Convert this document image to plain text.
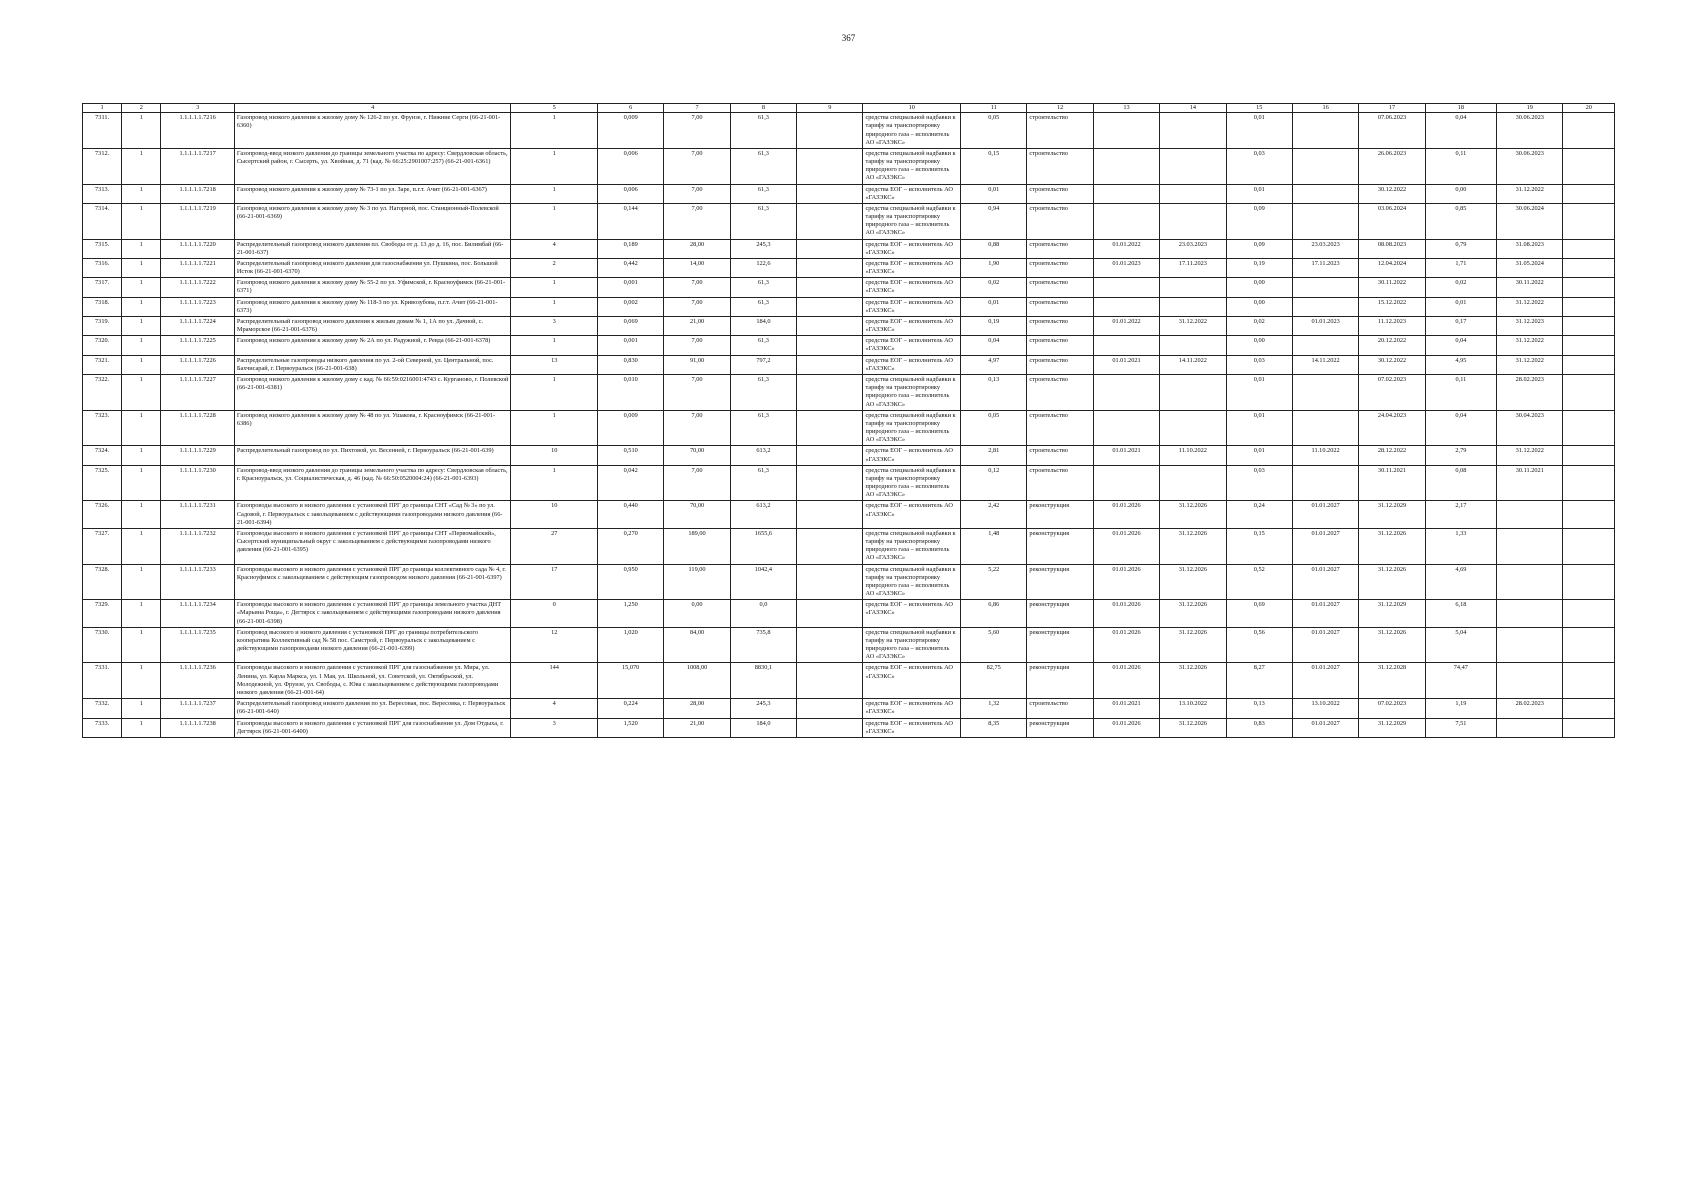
367
1	2	3	4	5	6	7	8	9	10	11	12	13	14	15	16	17	18	19	20
7311.	1	1.1.1.1.1.7216	Газопровод низкого давления к жилому дому № 126-2 по ул. Фрунзе, г. Нижние Серги (66-21-001-6360)	1	0,009	7,00	61,3		средства специальной надбавки к тарифу на транспортировку природного газа – исполнитель АО «ГАЗЭКС»	0,05	строительство			0,01		07.06.2023	0,04	30.06.2023	
7312.	1	1.1.1.1.1.7217	Газопровод-ввод низкого давления до границы земельного участка по адресу: Свердловская область, Сысертский район, г. Сысерть, ул. Хвойная, д. 71 (кад. № 66:25:2901007:257) (66-21-001-6361)	1	0,006	7,00	61,3		средства специальной надбавки к тарифу на транспортировку природного газа – исполнитель АО «ГАЗЭКС»	0,15	строительство			0,03		26.06.2023	0,11	30.06.2023	
7313.	1	1.1.1.1.1.7218	Газопровод низкого давления к жилому дому № 73-1 по ул. Заре, п.г.т. Ачит (66-21-001-6367)	1	0,006	7,00	61,3		средства ЕОГ – исполнитель АО «ГАЗЭКС»	0,01	строительство			0,01		30.12.2022	0,00	31.12.2022	
7314.	1	1.1.1.1.1.7219	Газопровод низкого давления к жилому дому № 3 по ул. Нагорной, пос. Станционный-Полевской (66-21-001-6369)	1	0,144	7,00	61,3		средства специальной надбавки к тарифу на транспортировку природного газа – исполнитель АО «ГАЗЭКС»	0,94	строительство			0,09		03.06.2024	0,85	30.06.2024	
7315.	1	1.1.1.1.1.7220	Распределительный газопровод низкого давления пл. Свободы от д. 13 до д. 16, пос. Билимбай (66-21-001-637)	4	0,189	28,00	245,3		средства ЕОГ – исполнитель АО «ГАЗЭКС»	0,88	строительство	01.01.2022	23.03.2023	0,09	23.03.2023	08.08.2023	0,79	31.08.2023	
7316.	1	1.1.1.1.1.7221	Распределительный газопровод низкого давления для газоснабжения ул. Пушкина, пос. Большой Исток (66-21-001-6370)	2	0,442	14,00	122,6		средства ЕОГ – исполнитель АО «ГАЗЭКС»	1,90	строительство	01.01.2023	17.11.2023	0,19	17.11.2023	12.04.2024	1,71	31.05.2024	
7317.	1	1.1.1.1.1.7222	Газопровод низкого давления к жилому дому № 55-2 по ул. Уфимской, г. Красноуфимск (66-21-001-6371)	1	0,001	7,00	61,3		средства ЕОГ – исполнитель АО «ГАЗЭКС»	0,02	строительство			0,00		30.11.2022	0,02	30.11.2022	
7318.	1	1.1.1.1.1.7223	Газопровод низкого давления к жилому дому № 118-3 по ул. Кривозубова, п.г.т. Ачит (66-21-001-6373)	1	0,002	7,00	61,3		средства ЕОГ – исполнитель АО «ГАЗЭКС»	0,01	строительство			0,00		15.12.2022	0,01	31.12.2022	
7319.	1	1.1.1.1.1.7224	Распределительный газопровод низкого давления к жилым домам № 1, 1А по ул. Дачной, с. Мраморское (66-21-001-6376)	3	0,069	21,00	184,0		средства ЕОГ – исполнитель АО «ГАЗЭКС»	0,19	строительство	01.01.2022	31.12.2022	0,02	01.01.2023	11.12.2023	0,17	31.12.2023	
7320.	1	1.1.1.1.1.7225	Газопровод низкого давления к жилому дому № 2А по ул. Радужной, г. Ревда (66-21-001-6378)	1	0,001	7,00	61,3		средства ЕОГ – исполнитель АО «ГАЗЭКС»	0,04	строительство			0,00		20.12.2022	0,04	31.12.2022	
7321.	1	1.1.1.1.1.7226	Распределительные газопроводы низкого давления по ул. 2-ой Северной, ул. Центральной, пос. Бахчисарай, г. Первоуральск (66-21-001-638)	13	0,830	91,00	797,2		средства ЕОГ – исполнитель АО «ГАЗЭКС»	4,97	строительство	01.01.2021	14.11.2022	0,03	14.11.2022	30.12.2022	4,95	31.12.2022	
7322.	1	1.1.1.1.1.7227	Газопровод низкого давления к жилому дому с кад. № 66:59:0216001:4743 с. Курганово, г. Полевской (66-21-001-6381)	1	0,010	7,00	61,3		средства специальной надбавки к тарифу на транспортировку природного газа – исполнитель АО «ГАЗЭКС»	0,13	строительство			0,01		07.02.2023	0,11	28.02.2023	
7323.	1	1.1.1.1.1.7228	Газопровод низкого давления к жилому дому № 48 по ул. Ушакова, г. Красноуфимск (66-21-001-6386)	1	0,009	7,00	61,3		средства специальной надбавки к тарифу на транспортировку природного газа – исполнитель АО «ГАЗЭКС»	0,05	строительство			0,01		24.04.2023	0,04	30.04.2023	
7324.	1	1.1.1.1.1.7229	Распределительный газопровод по ул. Пихтовой, ул. Весенней, г. Первоуральск (66-21-001-639)	10	0,510	70,00	613,2		средства ЕОГ – исполнитель АО «ГАЗЭКС»	2,81	строительство	01.01.2021	11.10.2022	0,01	11.10.2022	28.12.2022	2,79	31.12.2022	
7325.	1	1.1.1.1.1.7230	Газопровод-ввод низкого давления до границы земельного участка по адресу: Свердловская область, г. Красноуральск, ул. Социалистическая, д. 46 (кад. № 66:50:0520004:24) (66-21-001-6393)	1	0,042	7,00	61,3		средства специальной надбавки к тарифу на транспортировку природного газа – исполнитель АО «ГАЗЭКС»	0,12	строительство			0,03		30.11.2021	0,08	30.11.2021	
7326.	1	1.1.1.1.1.7231	Газопроводы высокого и низкого давления с установкой ПРГ до границы СНТ «Сад № 3» по ул. Садовой, г. Первоуральск с закольцеванием с действующими газопроводами низкого давления (66-21-001-6394)	10	0,440	70,00	613,2		средства ЕОГ – исполнитель АО «ГАЗЭКС»	2,42	реконструкция	01.01.2026	31.12.2026	0,24	01.01.2027	31.12.2029	2,17		
7327.	1	1.1.1.1.1.7232	Газопроводы высокого и низкого давления с установкой ПРГ до границы СНТ «Первомайский», Сысертский муниципальный округ с закольцеванием с действующими газопроводами низкого давления (66-21-001-6395)	27	0,270	189,00	1655,6		средства специальной надбавки к тарифу на транспортировку природного газа – исполнитель АО «ГАЗЭКС»	1,48	реконструкция	01.01.2026	31.12.2026	0,15	01.01.2027	31.12.2026	1,33		
7328.	1	1.1.1.1.1.7233	Газопроводы высокого и низкого давления с установкой ПРГ до границы коллективного сада № 4, г. Красноуфимск с закольцеванием с действующим газопроводом низкого давления (66-21-001-6397)	17	0,950	119,00	1042,4		средства специальной надбавки к тарифу на транспортировку природного газа – исполнитель АО «ГАЗЭКС»	5,22	реконструкция	01.01.2026	31.12.2026	0,52	01.01.2027	31.12.2026	4,69		
7329.	1	1.1.1.1.1.7234	Газопроводы высокого и низкого давления с установкой ПРГ до границы земельного участка ДНТ «Марьина Роща», г. Дегтярск с закольцеванием с действующими газопроводами низкого давления (66-21-001-6398)	0	1,250	0,00	0,0		средства ЕОГ – исполнитель АО «ГАЗЭКС»	6,86	реконструкция	01.01.2026	31.12.2026	0,69	01.01.2027	31.12.2029	6,18		
7330.	1	1.1.1.1.1.7235	Газопровод высокого и низкого давления с установкой ПРГ до границы потребительского кооператива Коллективный сад № 58 пос. Самстрой, г. Первоуральск с закольцеванием с действующими газопроводами низкого давления (66-21-001-6399)	12	1,020	84,00	735,8		средства специальной надбавки к тарифу на транспортировку природного газа – исполнитель АО «ГАЗЭКС»	5,60	реконструкция	01.01.2026	31.12.2026	0,56	01.01.2027	31.12.2026	5,04		
7331.	1	1.1.1.1.1.7236	Газопроводы высокого и низкого давления с установкой ПРГ для газоснабжения ул. Мира, ул. Ленина, ул. Карла Маркса, ул. 1 Мая, ул. Школьной, ул. Советской, ул. Октябрьской, ул. Молодежной, ул. Фрунзе, ул. Свободы, с. Юва с закольцеванием с действующими газопроводами низкого давления (66-21-001-64)	144	15,070	1008,00	8830,1		средства ЕОГ – исполнитель АО «ГАЗЭКС»	82,75	реконструкция	01.01.2026	31.12.2026	8,27	01.01.2027	31.12.2028	74,47		
7332.	1	1.1.1.1.1.7237	Распределительный газопровод низкого давления по ул. Вересовая, пос. Вересовка, г. Первоуральск (66-21-001-640)	4	0,224	28,00	245,3		средства ЕОГ – исполнитель АО «ГАЗЭКС»	1,32	строительство	01.01.2021	13.10.2022	0,13	13.10.2022	07.02.2023	1,19	28.02.2023	
7333.	1	1.1.1.1.1.7238	Газопроводы высокого и низкого давления с установкой ПРГ для газоснабжения ул. Дом Отдыха, г. Дегтярск (66-21-001-6400)	3	1,520	21,00	184,0		средства ЕОГ – исполнитель АО «ГАЗЭКС»	8,35	реконструкция	01.01.2026	31.12.2026	0,83	01.01.2027	31.12.2029	7,51		
